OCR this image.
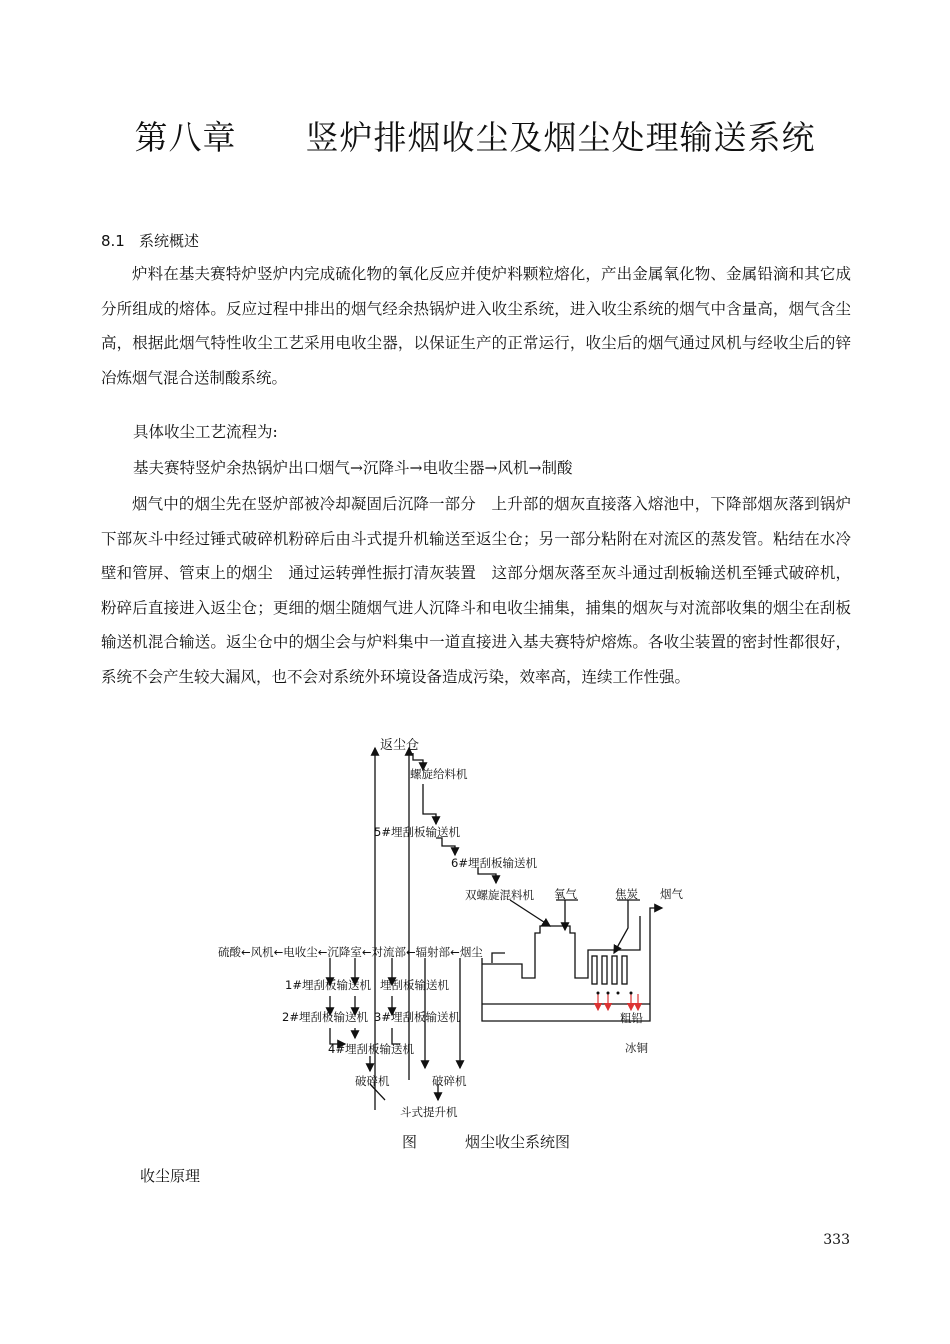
第八章 竖炉排烟收尘及烟尘处理输送系统
8.1 系统概述
炉料在基夫赛特炉竖炉内完成硫化物的氧化反应并使炉料颗粒熔化，产出金属氧化物、金属铅滴和其它成分所组成的熔体。反应过程中排出的烟气经余热锅炉进入收尘系统，进入收尘系统的烟气中含量高，烟气含尘高，根据此烟气特性收尘工艺采用电收尘器，以保证生产的正常运行，收尘后的烟气通过风机与经收尘后的锌冶炼烟气混合送制酸系统。
具体收尘工艺流程为:
基夫赛特竖炉余热锅炉出口烟气→沉降斗→电收尘器→风机→制酸
烟气中的烟尘先在竖炉部被冷却凝固后沉降一部分　上升部的烟灰直接落入熔池中，下降部烟灰落到锅炉下部灰斗中经过锤式破碎机粉碎后由斗式提升机输送至返尘仓；另一部分粘附在对流区的蒸发管。粘结在水冷壁和管屏、管束上的烟尘　通过运转弹性振打清灰装置　这部分烟灰落至灰斗通过刮板输送机至锤式破碎机，粉碎后直接进入返尘仓；更细的烟尘随烟气进人沉降斗和电收尘捕集，捕集的烟灰与对流部收集的烟尘在刮板输送机混合输送。返尘仓中的烟尘会与炉料集中一道直接进入基夫赛特炉熔炼。各收尘装置的密封性都很好，系统不会产生较大漏风，也不会对系统外环境设备造成污染，效率高，连续工作性强。
返尘仓
螺旋给料机
5#埋刮板输送机
6#埋刮板输送机
双螺旋混料机 氧气	焦炭 烟气
硫酸←风机←电收尘←沉降室←对流部←辐射部←烟尘
1#埋刮板输送机 埋刮板输送机
2#埋刮板输送机 3#埋刮板输送机
4#埋刮板输送机
破碎机	破碎机
斗式提升机
粗铅
冰铜
图	烟尘收尘系统图
收尘原理
333
